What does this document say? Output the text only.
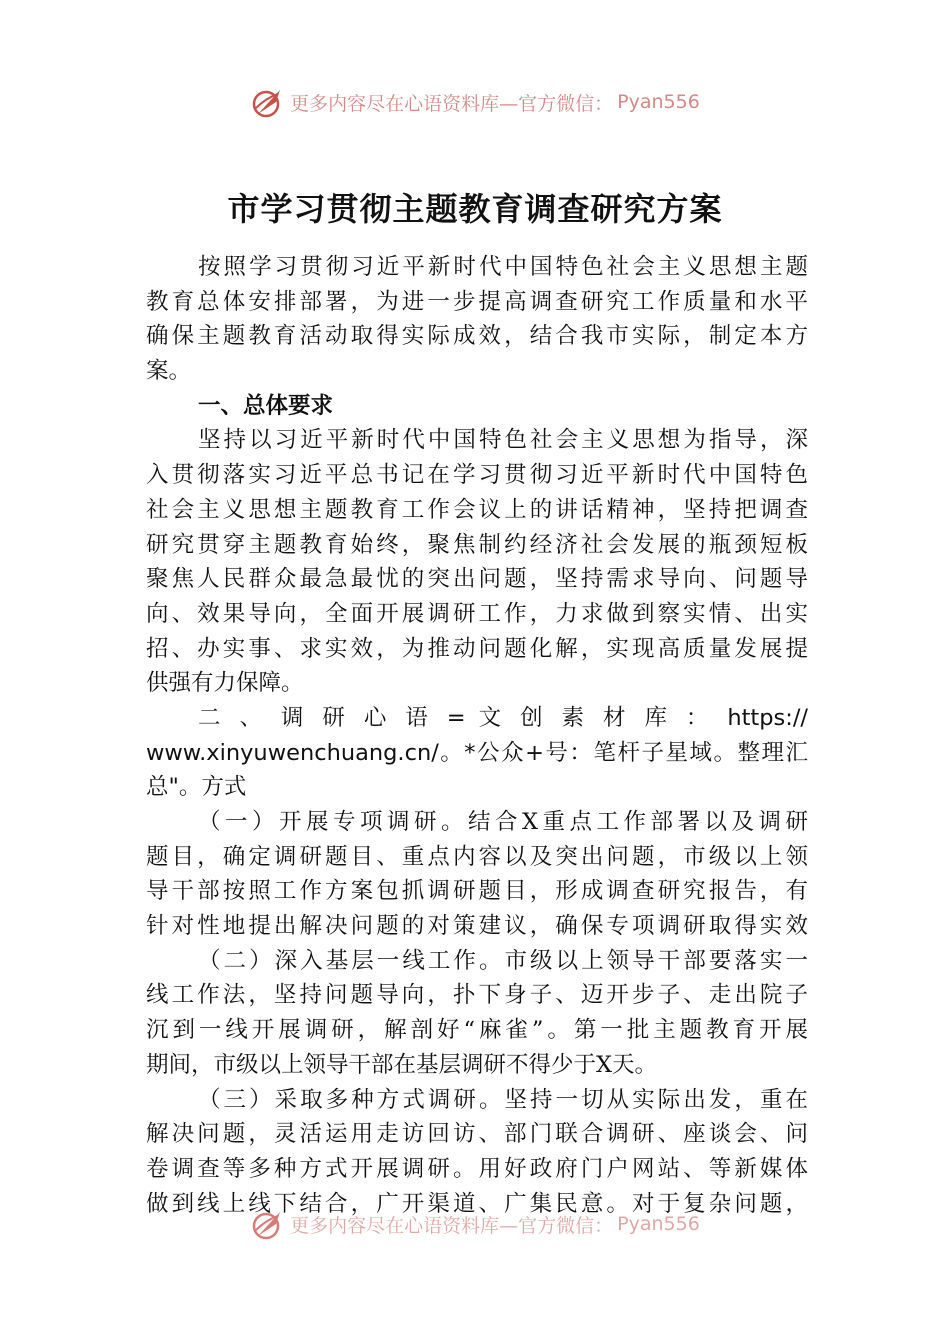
更多内容尽在心语资料库—官方微信： Pyan556
市学习贯彻主题教育调查研究方案
按照学习贯彻习近平新时代中国特色社会主义思想主题
教育总体安排部署，为进一步提高调查研究工作质量和水平
确保主题教育活动取得实际成效，结合我市实际，制定本方
案。
一、总体要求
坚持以习近平新时代中国特色社会主义思想为指导，深
入贯彻落实习近平总书记在学习贯彻习近平新时代中国特色
社会主义思想主题教育工作会议上的讲话精神，坚持把调查
研究贯穿主题教育始终，聚焦制约经济社会发展的瓶颈短板
聚焦人民群众最急最忧的突出问题，坚持需求导向、问题导
向、效果导向，全面开展调研工作，力求做到察实情、出实
招、办实事、求实效，为推动问题化解，实现高质量发展提
供强有力保障。
二 、 调 研 心 语 = 文 创 素 材 库 ： https://
www.xinyuwenchuang.cn/。*公众+号：笔杆子星域。整理汇
总"。方式
（一）开展专项调研。结合X重点工作部署以及调研
题目，确定调研题目、重点内容以及突出问题，市级以上领
导干部按照工作方案包抓调研题目，形成调查研究报告，有
针对性地提出解决问题的对策建议，确保专项调研取得实效
（二）深入基层一线工作。市级以上领导干部要落实一
线工作法，坚持问题导向，扑下身子、迈开步子、走出院子
沉到一线开展调研，解剖好“麻雀”。第一批主题教育开展
期间，市级以上领导干部在基层调研不得少于X天。
（三）采取多种方式调研。坚持一切从实际出发，重在
解决问题，灵活运用走访回访、部门联合调研、座谈会、问
卷调查等多种方式开展调研。用好政府门户网站、等新媒体
做到线上线下结合，广开渠道、广集民意。对于复杂问题，
更多内容尽在心语资料库—官方微信： Pyan556
